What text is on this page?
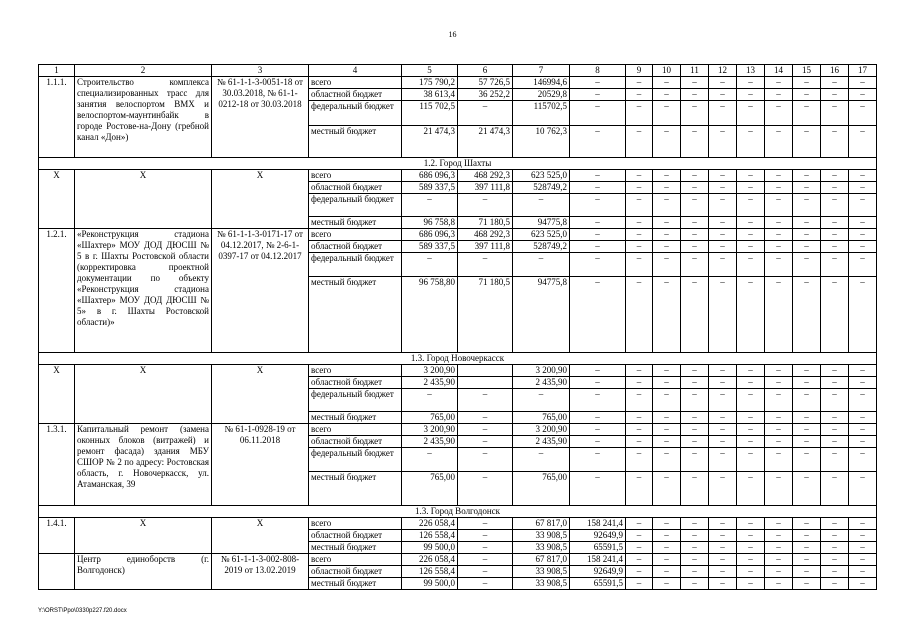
16
1	2	3	4	5	6	7	8	9	10	11	12	13	14	15	16	17	
1.1.1.	Строительство комплекса специализированных трасс для занятия велоспортом ВМХ и велоспортом-маунтинбайк в городе Ростове-на-Дону (гребной канал «Дон»)	№ 61-1-1-3-0051-18 от 30.03.2018, № 61-1-0212-18 от 30.03.2018	всего	175 790,2	57 726,5	146994,6	–	–	–	–	–	–	–	–	–	–	
			областной бюджет	38 613,4	36 252,2	20529,8	–	–	–	–	–	–	–	–	–	–	
			федеральный бюджет	115 702,5	–	115702,5	–	–	–	–	–	–	–	–	–	–	
			местный бюджет	21 474,3	21 474,3	10 762,3	–	–	–	–	–	–	–	–	–	–	
1.2. Город Шахты																	
Х	Х	Х	всего	686 096,3	468 292,3	623 525,0	–	–	–	–	–	–	–	–	–	–	
			областной бюджет	589 337,5	397 111,8	528749,2	–	–	–	–	–	–	–	–	–	–	
			федеральный бюджет	–	–	–	–	–	–	–	–	–	–	–	–	–	
			местный бюджет	96 758,8	71 180,5	94775,8	–	–	–	–	–	–	–	–	–	–	
1.2.1.	«Реконструкция стадиона «Шахтер» МОУ ДОД ДЮСШ № 5 в г. Шахты Ростовской области (корректировка проектной документации по объекту «Реконструкция стадиона «Шахтер» МОУ ДОД ДЮСШ № 5» в г. Шахты Ростовской области)»	№ 61-1-1-3-0171-17 от 04.12.2017, № 2-6-1-0397-17 от 04.12.2017	всего	686 096,3	468 292,3	623 525,0	–	–	–	–	–	–	–	–	–	–	
			областной бюджет	589 337,5	397 111,8	528749,2	–	–	–	–	–	–	–	–	–	–	
			федеральный бюджет	–	–	–	–	–	–	–	–	–	–	–	–	–	
			местный бюджет	96 758,80	71 180,5	94775,8	–	–	–	–	–	–	–	–	–	–	
1.3. Город Новочеркасск																	
Х	Х	Х	всего	3 200,90		3 200,90	–	–	–	–	–	–	–	–	–	–	
			областной бюджет	2 435,90		2 435,90	–	–	–	–	–	–	–	–	–	–	
			федеральный бюджет	–	–	–	–	–	–	–	–	–	–	–	–	–	
			местный бюджет	765,00	–	765,00	–	–	–	–	–	–	–	–	–	–	
1.3.1.	Капитальный ремонт (замена оконных блоков (витражей) и ремонт фасада) здания МБУ СШОР № 2 по адресу: Ростовская область, г. Новочеркасск, ул. Атаманская, 39	№ 61-1-0928-19 от 06.11.2018	всего	3 200,90	–	3 200,90	–	–	–	–	–	–	–	–	–	–	
			областной бюджет	2 435,90	–	2 435,90	–	–	–	–	–	–	–	–	–	–	
			федеральный бюджет	–	–	–	–	–	–	–	–	–	–	–	–	–	
			местный бюджет	765,00	–	765,00	–	–	–	–	–	–	–	–	–	–	
1.3. Город Волгодонск																	
1.4.1.	Х	Х	всего	226 058,4	–	67 817,0	158 241,4	–	–	–	–	–	–	–	–	–	
			областной бюджет	126 558,4	–	33 908,5	92649,9	–	–	–	–	–	–	–	–	–	
			местный бюджет	99 500,0	–	33 908,5	65591,5	–	–	–	–	–	–	–	–	–	
	Центр единоборств (г. Волгодонск)	№ 61-1-1-3-002-808-2019 от 13.02.2019	всего	226 058,4	–	67 817,0	158 241,4	–	–	–	–	–	–	–	–	–	
			областной бюджет	126 558,4	–	33 908,5	92649,9	–	–	–	–	–	–	–	–	–	
			местный бюджет	99 500,0	–	33 908,5	65591,5	–	–	–	–	–	–	–	–	–	
Y:\ORST\Ppo\0330p227.f20.docx
